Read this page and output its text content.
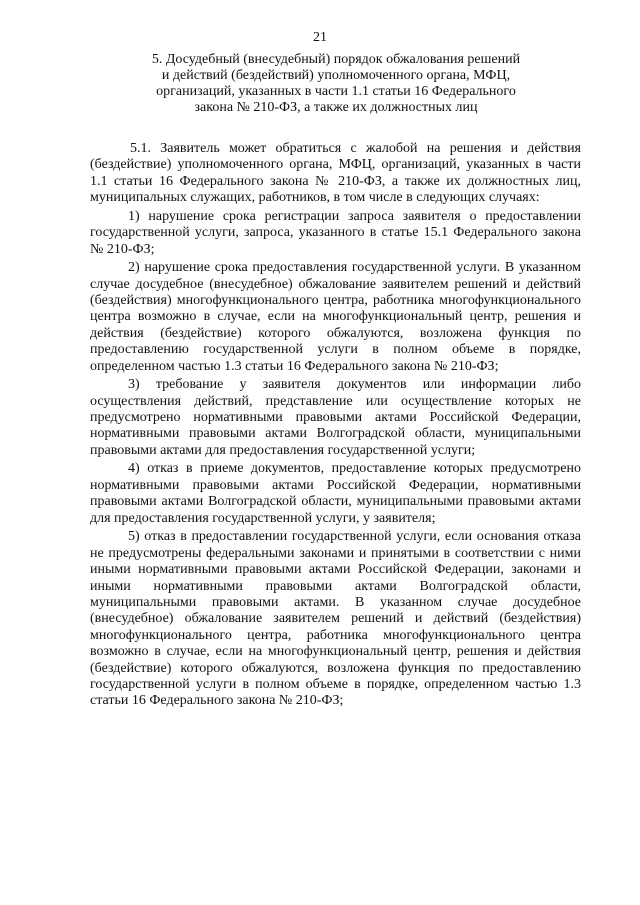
21
5. Досудебный (внесудебный) порядок обжалования решений
и действий (бездействий) уполномоченного органа, МФЦ,
организаций, указанных в части 1.1 статьи 16 Федерального
закона № 210-ФЗ, а также их должностных лиц

5.1. Заявитель может обратиться с жалобой на решения и действия (бездействие) уполномоченного органа, МФЦ, организаций, указанных в части 1.1 статьи 16 Федерального закона № 210-ФЗ, а также их должностных лиц, муниципальных служащих, работников, в том числе в следующих случаях:

1) нарушение срока регистрации запроса заявителя о предоставлении государственной услуги, запроса, указанного в статье 15.1 Федерального закона № 210-ФЗ;

2) нарушение срока предоставления государственной услуги. В указанном случае досудебное (внесудебное) обжалование заявителем решений и действий (бездействия) многофункционального центра, работника многофункционального центра возможно в случае, если на многофункциональный центр, решения и действия (бездействие) которого обжалуются, возложена функция по предоставлению государственной услуги в полном объеме в порядке, определенном частью 1.3 статьи 16 Федерального закона № 210-ФЗ;

3) требование у заявителя документов или информации либо осуществления действий, представление или осуществление которых не предусмотрено нормативными правовыми актами Российской Федерации, нормативными правовыми актами Волгоградской области, муниципальными правовыми актами для предоставления государственной услуги;

4) отказ в приеме документов, предоставление которых предусмотрено нормативными правовыми актами Российской Федерации, нормативными правовыми актами Волгоградской области, муниципальными правовыми актами для предоставления государственной услуги, у заявителя;

5) отказ в предоставлении государственной услуги, если основания отказа не предусмотрены федеральными законами и принятыми в соответствии с ними иными нормативными правовыми актами Российской Федерации, законами и иными нормативными правовыми актами Волгоградской области, муниципальными правовыми актами. В указанном случае досудебное (внесудебное) обжалование заявителем решений и действий (бездействия) многофункционального центра, работника многофункционального центра возможно в случае, если на многофункциональный центр, решения и действия (бездействие) которого обжалуются, возложена функция по предоставлению государственной услуги в полном объеме в порядке, определенном частью 1.3 статьи 16 Федерального закона № 210-ФЗ;
